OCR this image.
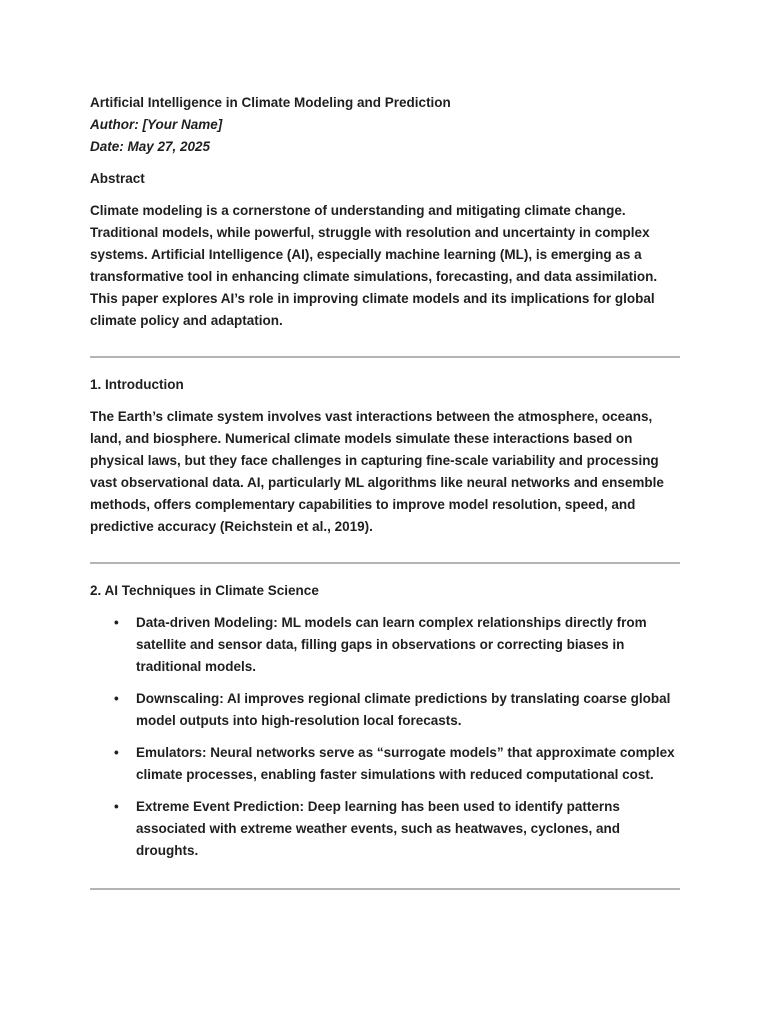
Artificial Intelligence in Climate Modeling and Prediction

Author: [Your Name]

Date: May 27, 2025

Abstract

Climate modeling is a cornerstone of understanding and mitigating climate change. Traditional models, while powerful, struggle with resolution and uncertainty in complex systems. Artificial Intelligence (AI), especially machine learning (ML), is emerging as a transformative tool in enhancing climate simulations, forecasting, and data assimilation. This paper explores AI’s role in improving climate models and its implications for global climate policy and adaptation.

1. Introduction

The Earth’s climate system involves vast interactions between the atmosphere, oceans, land, and biosphere. Numerical climate models simulate these interactions based on physical laws, but they face challenges in capturing fine-scale variability and processing vast observational data. AI, particularly ML algorithms like neural networks and ensemble methods, offers complementary capabilities to improve model resolution, speed, and predictive accuracy (Reichstein et al., 2019).

2. AI Techniques in Climate Science

• Data-driven Modeling: ML models can learn complex relationships directly from satellite and sensor data, filling gaps in observations or correcting biases in traditional models.
• Downscaling: AI improves regional climate predictions by translating coarse global model outputs into high-resolution local forecasts.
• Emulators: Neural networks serve as “surrogate models” that approximate complex climate processes, enabling faster simulations with reduced computational cost.
• Extreme Event Prediction: Deep learning has been used to identify patterns associated with extreme weather events, such as heatwaves, cyclones, and droughts.
